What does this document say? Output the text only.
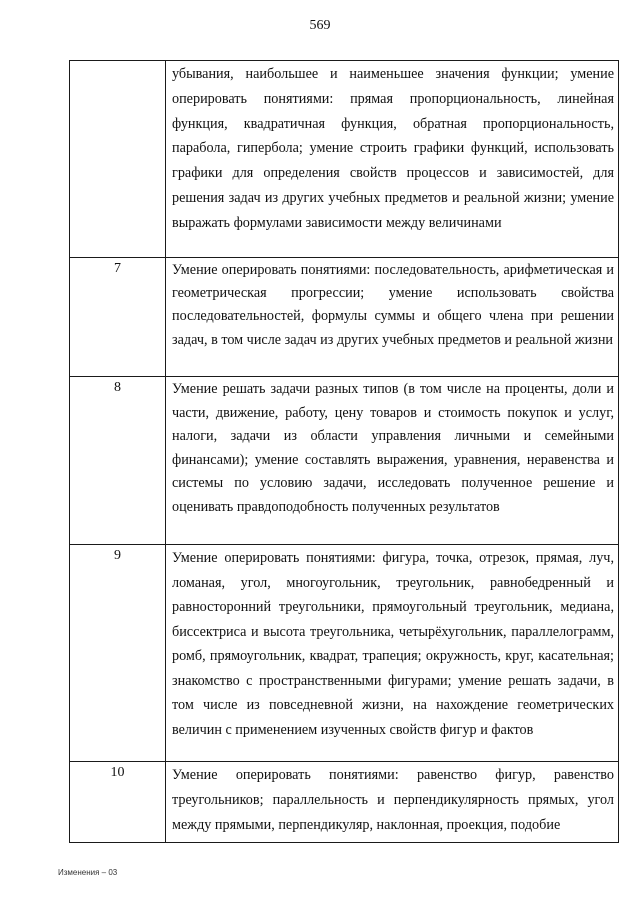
569

	убывания, наибольшее и наименьшее значения функции; умение оперировать понятиями: прямая пропорциональность, линейная функция, квадратичная функция, обратная пропорциональность, парабола, гипербола; умение строить графики функций, использовать графики для определения свойств процессов и зависимостей, для решения задач из других учебных предметов и реальной жизни; умение выражать формулами зависимости между величинами

7	Умение оперировать понятиями: последовательность, арифметическая и геометрическая прогрессии; умение использовать свойства последовательностей, формулы суммы и общего члена при решении задач, в том числе задач из других учебных предметов и реальной жизни

8	Умение решать задачи разных типов (в том числе на проценты, доли и части, движение, работу, цену товаров и стоимость покупок и услуг, налоги, задачи из области управления личными и семейными финансами); умение составлять выражения, уравнения, неравенства и системы по условию задачи, исследовать полученное решение и оценивать правдоподобность полученных результатов

9	Умение оперировать понятиями: фигура, точка, отрезок, прямая, луч, ломаная, угол, многоугольник, треугольник, равнобедренный и равносторонний треугольники, прямоугольный треугольник, медиана, биссектриса и высота треугольника, четырёхугольник, параллелограмм, ромб, прямоугольник, квадрат, трапеция; окружность, круг, касательная; знакомство с пространственными фигурами; умение решать задачи, в том числе из повседневной жизни, на нахождение геометрических величин с применением изученных свойств фигур и фактов

10	Умение оперировать понятиями: равенство фигур, равенство треугольников; параллельность и перпендикулярность прямых, угол между прямыми, перпендикуляр, наклонная, проекция, подобие
Изменения – 03
